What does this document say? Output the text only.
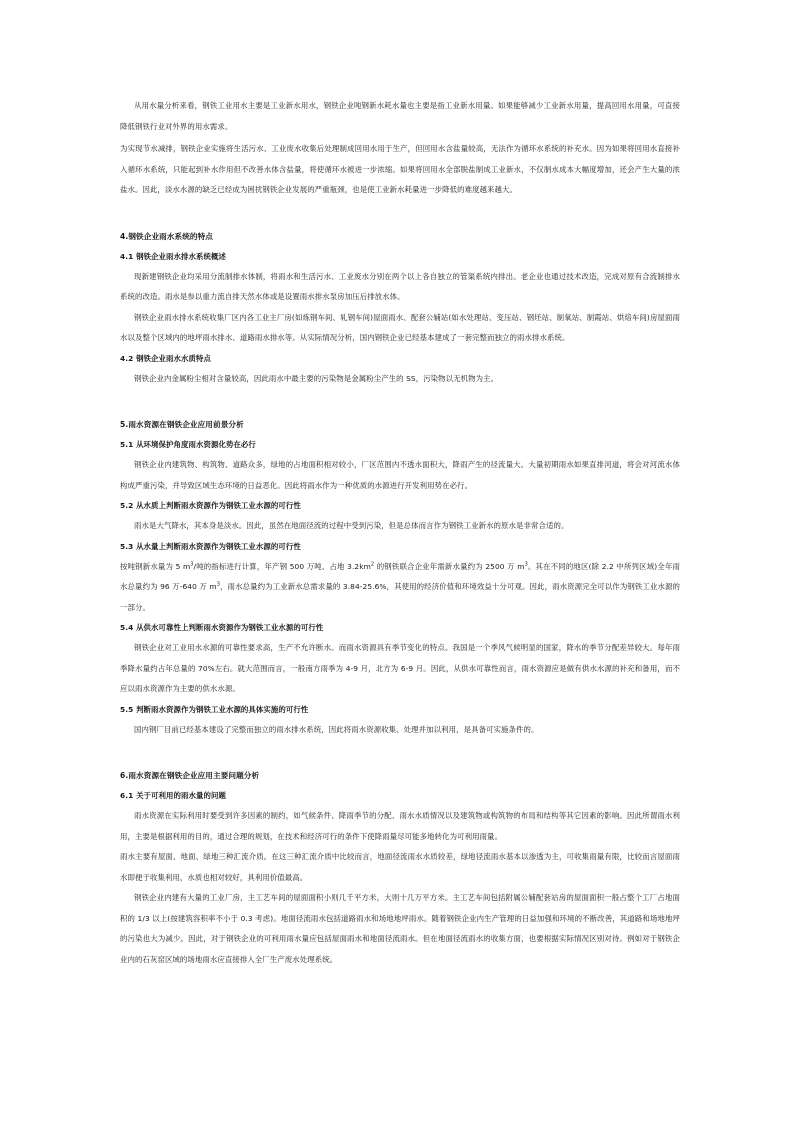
从用水量分析来看，钢铁工业用水主要是工业新水用水，钢铁企业吨钢新水耗水量也主要是指工业新水用量。如果能够减少工业新水用量，提高回用水用量，可直接降低钢铁行业对外界的用水需求。

为实现节水减排，钢铁企业实施将生活污水、工业废水收集后处理制成回用水用于生产，但回用水含盐量较高，无法作为循环水系统的补充水。因为如果将回用水直接补入循环水系统，只能起到补水作用但不改善水体含盐量，将使循环水被进一步浓缩。如果将回用水全部脱盐制成工业新水，不仅制水成本大幅度增加，还会产生大量的浓盐水。因此，淡水水源的缺乏已经成为困扰钢铁企业发展的严重瓶颈，也是使工业新水耗量进一步降低的难度越来越大。

4.钢铁企业雨水系统的特点
4.1 钢铁企业雨水排水系统概述

现新建钢铁企业均采用分流制排水体制，将雨水和生活污水、工业废水分别在两个以上各自独立的管渠系统内排出。老企业也通过技术改造，完成对原有合流制排水系统的改造。雨水是参以重力流自排天然水体或是设置雨水排水泵房加压后排放水体。

钢铁企业雨水排水系统收集厂区内各工业主厂房(如炼钢车间、轧钢车间)屋面雨水、配套公辅站(如水处理站、变压站、钢坯站、制氧站、制霞站、烘焙车间)房屋面雨水以及整个区域内的地坪雨水排水、道路雨水排水等。从实际情况分析，国内钢铁企业已经基本建成了一套完整而独立的雨水排水系统。

4.2 钢铁企业雨水水质特点

钢铁企业内金属粉尘相对含量较高，因此雨水中最主要的污染物是金属粉尘产生的 SS，污染物以无机物为主。

5.雨水资源在钢铁企业应用前景分析
5.1 从环境保护角度雨水资源化势在必行

钢铁企业内建筑物、构筑物、道路众多，绿地的占地面积相对较小，厂区范围内不透水面积大，降雨产生的径流量大。大量初期雨水如果直排河道，将会对河流水体构成严重污染，并导致区域生态环境的日益恶化。因此将雨水作为一种优质的水源进行开发利用势在必行。

5.2 从水质上判断雨水资源作为钢铁工业水源的可行性

雨水是大气降水，其本身是淡水。因此，虽然在地面径流的过程中受到污染，但是总体而言作为钢铁工业新水的原水是非常合适的。

5.3 从水量上判断雨水资源作为钢铁工业水源的可行性

按吨钢新水量为 5 $m^3/$吨的指标进行计算，年产钢 500 万吨、占地 $3.2km^2$ 的钢铁联合企业年需新水量约为 2500 万 $m^3$。其在不同的地区(除 2.2 中所列区域)全年雨水总量约为 96 万-640 万 $m^3$，雨水总量约为工业新水总需求量的 3.84-25.6%，其使用的经济价值和环境效益十分可观。因此，雨水资源完全可以作为钢铁工业水源的一部分。

5.4 从供水可靠性上判断雨水资源作为钢铁工业水源的可行性

钢铁企业对工业用水水源的可靠性要求高，生产不允许断水。而雨水资源具有季节变化的特点。我国是一个季风气候明显的国家，降水的季节分配差异较大。每年雨季降水量约占年总量的 70%左右。就大范围而言，一般南方雨季为 4-9 月，北方为 6-9 月。因此，从供水可靠性而言，雨水资源应是做有供水水源的补充和备用，而不应以雨水资源作为主要的供水水源。

5.5 判断雨水资源作为钢铁工业水源的具体实施的可行性

国内钢厂目前已经基本建设了完整而独立的雨水排水系统，因此将雨水资源收集、处理并加以利用，是具备可实施条件的。

6.雨水资源在钢铁企业应用主要问题分析
6.1 关于可利用的雨水量的问题

雨水资源在实际利用时要受到许多因素的制约，如气候条件、降雨季节的分配、雨水水质情况以及建筑物或构筑物的布局和结构等其它因素的影响。因此所谓雨水利用，主要是根据利用的目的，通过合理的规划，在技术和经济可行的条件下使降雨量尽可能多地转化为可利用雨量。

雨水主要有屋面、地面、绿地三种汇流介质。在这三种汇流介质中比较而言，地面径流雨水水质较差，绿地径流雨水基本以渗透为主，可收集雨量有限，比较而言屋面雨水即便于收集利用，水质也相对较好，具利用价值最高。

钢铁企业内建有大量的工业厂房，主工艺车间的屋面面积小则几千平方米，大则十几万平方米。主工艺车间包括附属公辅配套站房的屋面面积一般占整个工厂占地面积的 1/3 以上(按建筑容积率不小于 0.3 考虑)。地面径流雨水包括道路雨水和场地地坪雨水。随着钢铁企业内生产管理的日益加强和环境的不断改善，其道路和场地地坪的污染也大为减少。因此，对于钢铁企业的可利用雨水量应包括屋面雨水和地面径流雨水。但在地面径流雨水的收集方面，也要根据实际情况区别对待。例如对于钢铁企业内的石灰窑区域的场地雨水应直接排入全厂生产废水处理系统。
